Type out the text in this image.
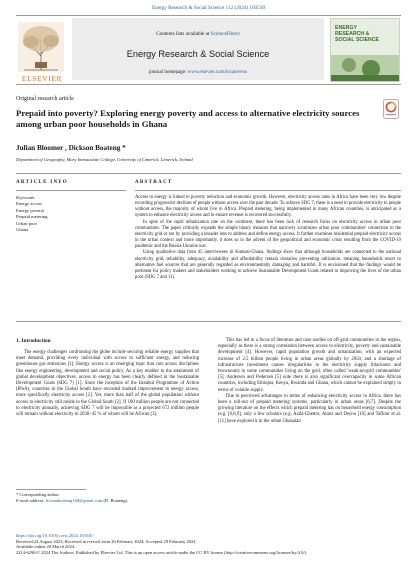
Energy Research & Social Science 112 (2024) 103530
ELSEVIER
Contents lists available at ScienceDirect
Energy Research & Social Science
journal homepage: www.elsevier.com/locate/erss
ENERGY RESEARCH & SOCIAL SCIENCE
Original research article
Prepaid into poverty? Exploring energy poverty and access to alternative electricity sources among urban poor households in Ghana
Julian Bloomer , Dickson Boateng *
Department of Geography, Mary Immaculate College, University of Limerick, Limerick, Ireland
ARTICLE INFO	ABSTRACT
Keywords:
Energy access
Energy poverty
Prepaid metering
Urban poor
Ghana

Access to energy is linked to poverty reduction and economic growth. However, electricity access rates in Africa have been very low despite recording progressive declines of people without access over the past decade. To achieve SDG 7, there is a need to provide electricity to people without access, the majority of whom live in Africa. Prepaid metering, being implemented in many African countries, is anticipated as a system to enhance electricity access and to ensure revenue is recovered successfully.

In spite of the rapid urbanization rate on the continent, there has been lack of research focus on electricity access in urban poor communities. The paper critically expands the simple binary measure that narrowly scrutinizes urban poor communities' connection to the electricity grid or not by providing a broader lens to address and define energy access. It further examines residential prepaid electricity access in the urban context and more importantly, it does so in the advent of the geopolitical and economic crisis resulting from the COVID-19 pandemic and the Russia-Ukraine war.

Using qualitative data from 45 interviewees in Kumasi-Ghana, findings show that although households are connected to the national electricity grid, reliability, adequacy, availability and affordability remain obstacles preventing utilization, meaning households resort to alternative fuel sources that are generally regarded as environmentally damaging and harmful. It is envisioned that the findings would be pertinent for policy makers and stakeholders working to achieve Sustainable Development Goals related to improving the lives of the urban poor (SDG 7 and 11).

1. Introduction

The energy challenges confronting the globe include securing reliable energy supplies that meet demand, providing every individual with access to sufficient energy, and reducing greenhouse gas emissions [1]. Energy access is an emerging topic that cuts across disciplines like energy engineering, development and social policy. As a key enabler to the attainment of global development objectives, access to energy has been clearly defined in the Sustainable Development Goals (SDG 7) [1]. Since the inception of the Istanbul Programme of Action (IPoA), countries in the Global South have recorded marked improvement in energy access, more specifically electricity access [2]. Yet, more than half of the global population without access to electricity still reside in the Global South [2]. If 100 million people are not connected to electricity annually, achieving SDG 7 will be impossible as a projected 672 million people will remain without electricity in 2030–45 % of whom will be African [3].

This has led to a focus of literature and case studies on off-grid communities in the region, especially as there is a strong correlation between access to electricity, poverty and sustainable development [4]. However, rapid population growth and urbanization, with an expected increase of 2.5 billion people living in urban areas globally by 2050, and a shortage of infrastructure investment causes irregularities in the electricity supply (blackouts and brownouts) in some communities living on the grid, often called 'weak-on-grid communities' [5]. Andersen and Pedersen [5] note there is also significant overcapacity in some African countries, including Ethiopia, Kenya, Rwanda and Ghana, which cannot be explained simply in terms of volatile supply.

Due to perceived advantages in terms of enhancing electricity access in Africa, there has been a roll-out of prepaid metering systems, particularly in urban areas [6,7]. Despite the growing literature on the effects which prepaid metering has on household energy consumption (e.g. [6,8,9], only a few scholars (e.g. Azila-Gbettor, Atatsi and Deynu [10] and Taffour et al. [11] have explored it in the urban Ghanaian

* Corresponding author.
E-mail address: liveamboateng168@gmail.com (D. Boateng).
https://doi.org/10.1016/j.erss.2024.103530
Received 24 August 2023; Received in revised form 26 February 2024; Accepted 29 February 2024
Available online 20 March 2024
2214-6296/© 2024 The Authors. Published by Elsevier Ltd. This is an open access article under the CC BY license (http://creativecommons.org/licenses/by/4.0/).
